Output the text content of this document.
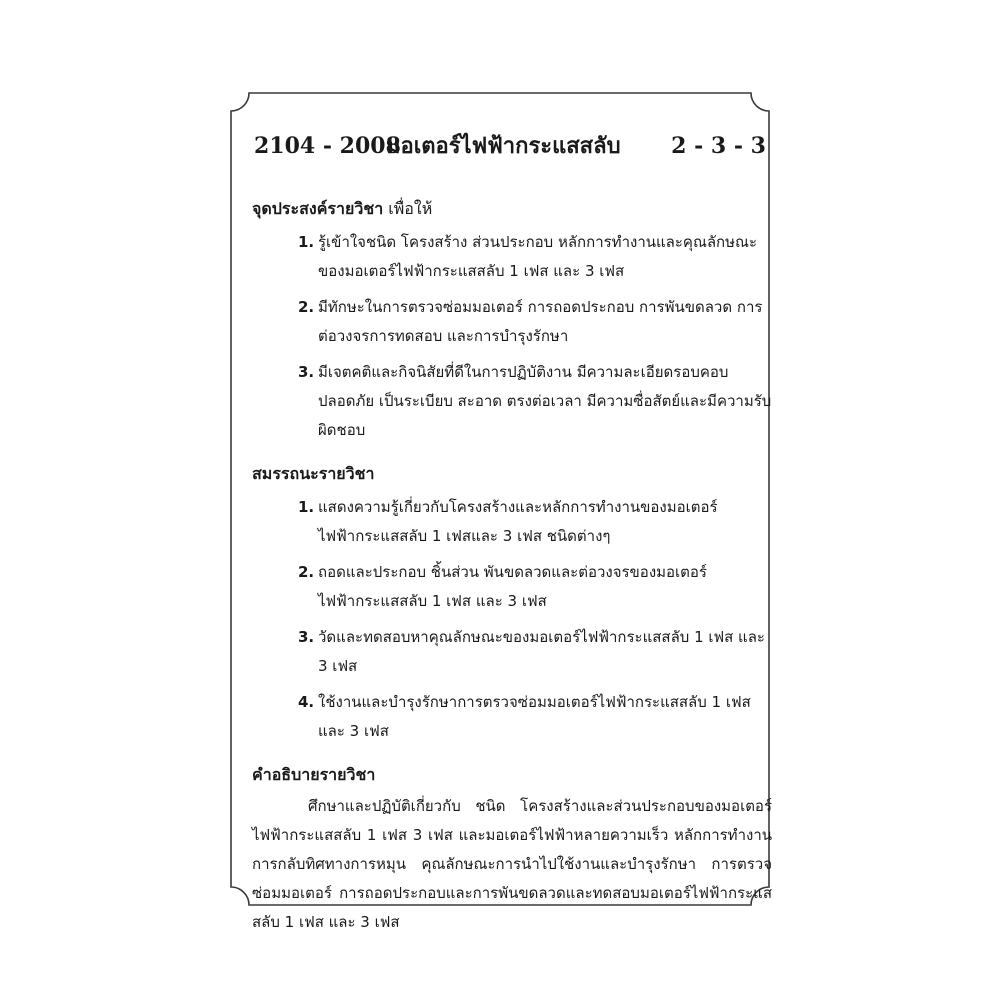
2104 - 2008
มอเตอร์ไฟฟ้ากระแสสลับ 2 - 3 - 3

จุดประสงค์รายวิชา เพื่อให้

1. รู้เข้าใจชนิด โครงสร้าง ส่วนประกอบ หลักการทำงานและคุณลักษณะของมอเตอร์ไฟฟ้ากระแสสลับ 1 เฟส และ 3 เฟส
2. มีทักษะในการตรวจซ่อมมอเตอร์ การถอดประกอบ การพันขดลวด การต่อวงจรการทดสอบ และการบำรุงรักษา
3. มีเจตคติและกิจนิสัยที่ดีในการปฏิบัติงาน มีความละเอียดรอบคอบ ปลอดภัย เป็นระเบียบ สะอาด ตรงต่อเวลา มีความซื่อสัตย์และมีความรับผิดชอบ

สมรรถนะรายวิชา

1. แสดงความรู้เกี่ยวกับโครงสร้างและหลักการทำงานของมอเตอร์ไฟฟ้ากระแสสลับ 1 เฟสและ 3 เฟส ชนิดต่างๆ
2. ถอดและประกอบ ชิ้นส่วน พันขดลวดและต่อวงจรของมอเตอร์ไฟฟ้ากระแสสลับ 1 เฟส และ 3 เฟส
3. วัดและทดสอบหาคุณลักษณะของมอเตอร์ไฟฟ้ากระแสสลับ 1 เฟส และ 3 เฟส
4. ใช้งานและบำรุงรักษาการตรวจซ่อมมอเตอร์ไฟฟ้ากระแสสลับ 1 เฟส และ 3 เฟส

คำอธิบายรายวิชา

ศึกษาและปฏิบัติเกี่ยวกับ ชนิด โครงสร้างและส่วนประกอบของมอเตอร์ไฟฟ้ากระแสสลับ 1 เฟส 3 เฟส และมอเตอร์ไฟฟ้าหลายความเร็ว หลักการทำงาน การกลับทิศทางการหมุน คุณลักษณะการนำไปใช้งานและบำรุงรักษา การตรวจซ่อมมอเตอร์ การถอดประกอบและการพันขดลวดและทดสอบมอเตอร์ไฟฟ้ากระแสสลับ 1 เฟส และ 3 เฟส
